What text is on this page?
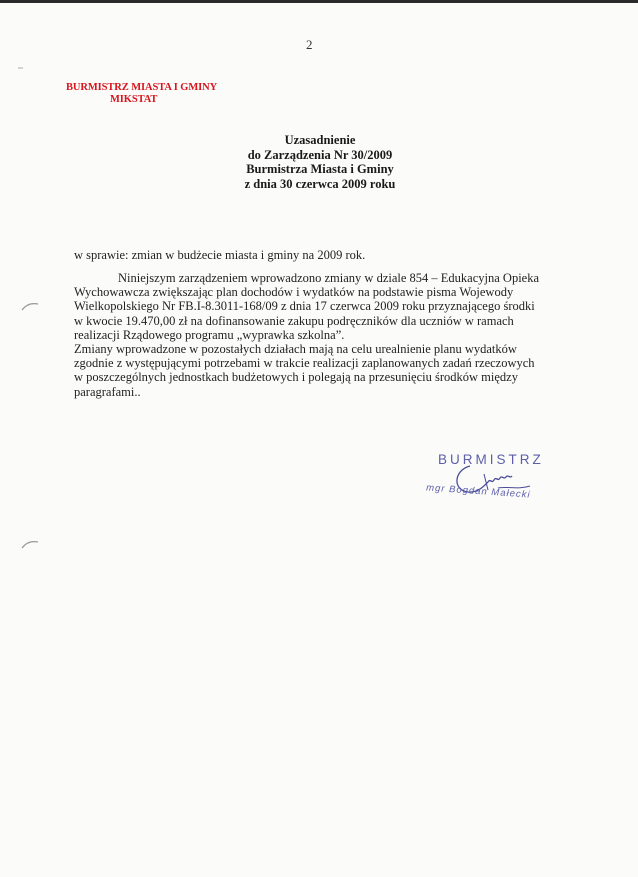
2
BURMISTRZ MIASTA I GMINY
MIKSTAT
Uzasadnienie
do Zarządzenia Nr 30/2009
Burmistrza Miasta i Gminy
z dnia 30 czerwca 2009 roku
w sprawie: zmian w budżecie miasta i gminy na 2009 rok.
Niniejszym zarządzeniem wprowadzono zmiany w dziale 854 – Edukacyjna Opieka
Wychowawcza zwiększając plan dochodów i wydatków na podstawie pisma Wojewody
Wielkopolskiego Nr FB.I-8.3011-168/09 z dnia 17 czerwca 2009 roku przyznającego środki
w kwocie 19.470,00 zł na dofinansowanie zakupu podręczników dla uczniów w ramach
realizacji Rządowego programu „wyprawka szkolna”.
Zmiany wprowadzone w pozostałych działach mają na celu urealnienie planu wydatków
zgodnie z występującymi potrzebami w trakcie realizacji zaplanowanych zadań rzeczowych
w poszczególnych jednostkach budżetowych i polegają na przesunięciu środków między
paragrafami..
BURMISTRZ
mgr Bogdan Małecki
